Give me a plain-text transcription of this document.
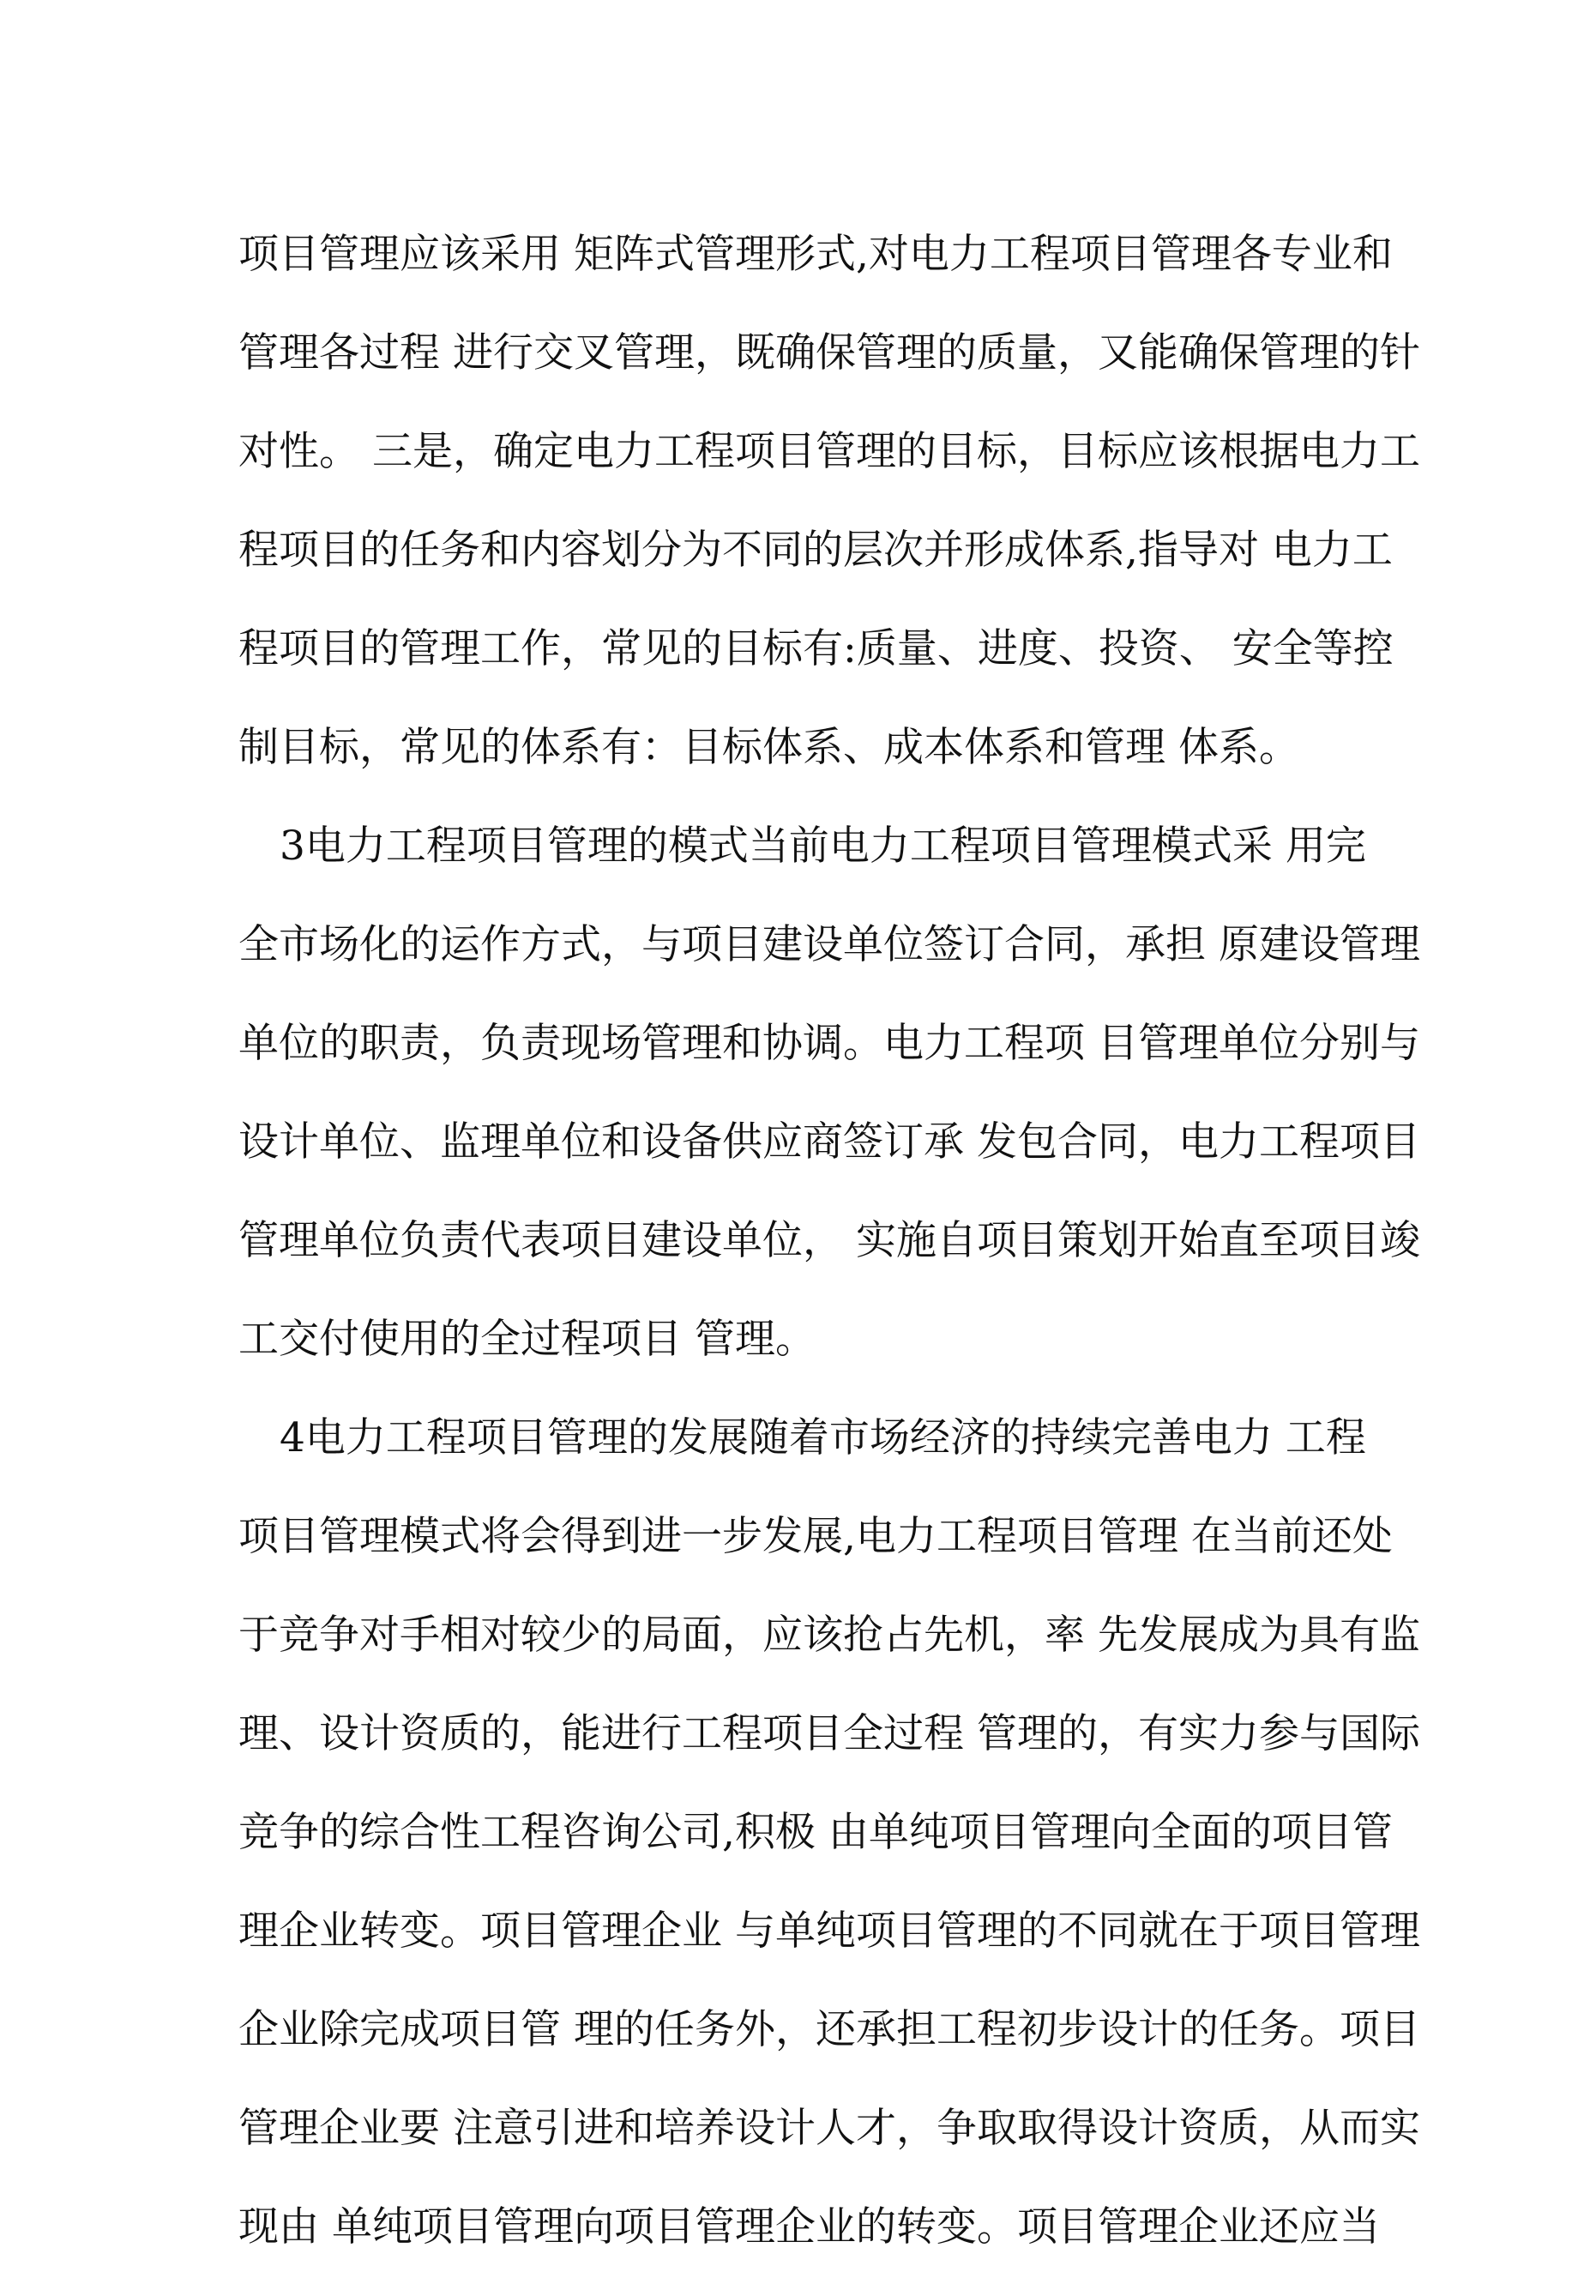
项目管理应该采用 矩阵式管理形式,对电力工程项目管理各专业和
管理各过程 进行交叉管理，既确保管理的质量，又能确保管理的针
对性。 三是，确定电力工程项目管理的目标，目标应该根据电力工
程项目的任务和内容划分为不同的层次并形成体系,指导对 电力工
程项目的管理工作，常见的目标有:质量、进度、投资、 安全等控
制目标，常见的体系有：目标体系、成本体系和管理 体系。
3电力工程项目管理的模式当前电力工程项目管理模式采 用完
全市场化的运作方式，与项目建设单位签订合同，承担 原建设管理
单位的职责，负责现场管理和协调。电力工程项 目管理单位分别与
设计单位、监理单位和设备供应商签订承 发包合同，电力工程项目
管理单位负责代表项目建设单位， 实施自项目策划开始直至项目竣
工交付使用的全过程项目 管理。
4电力工程项目管理的发展随着市场经济的持续完善电力 工程
项目管理模式将会得到进一步发展,电力工程项目管理 在当前还处
于竞争对手相对较少的局面，应该抢占先机，率 先发展成为具有监
理、设计资质的，能进行工程项目全过程 管理的，有实力参与国际
竞争的综合性工程咨询公司,积极 由单纯项目管理向全面的项目管
理企业转变。项目管理企业 与单纯项目管理的不同就在于项目管理
企业除完成项目管 理的任务外，还承担工程初步设计的任务。项目
管理企业要 注意引进和培养设计人才，争取取得设计资质，从而实
现由 单纯项目管理向项目管理企业的转变。项目管理企业还应当
